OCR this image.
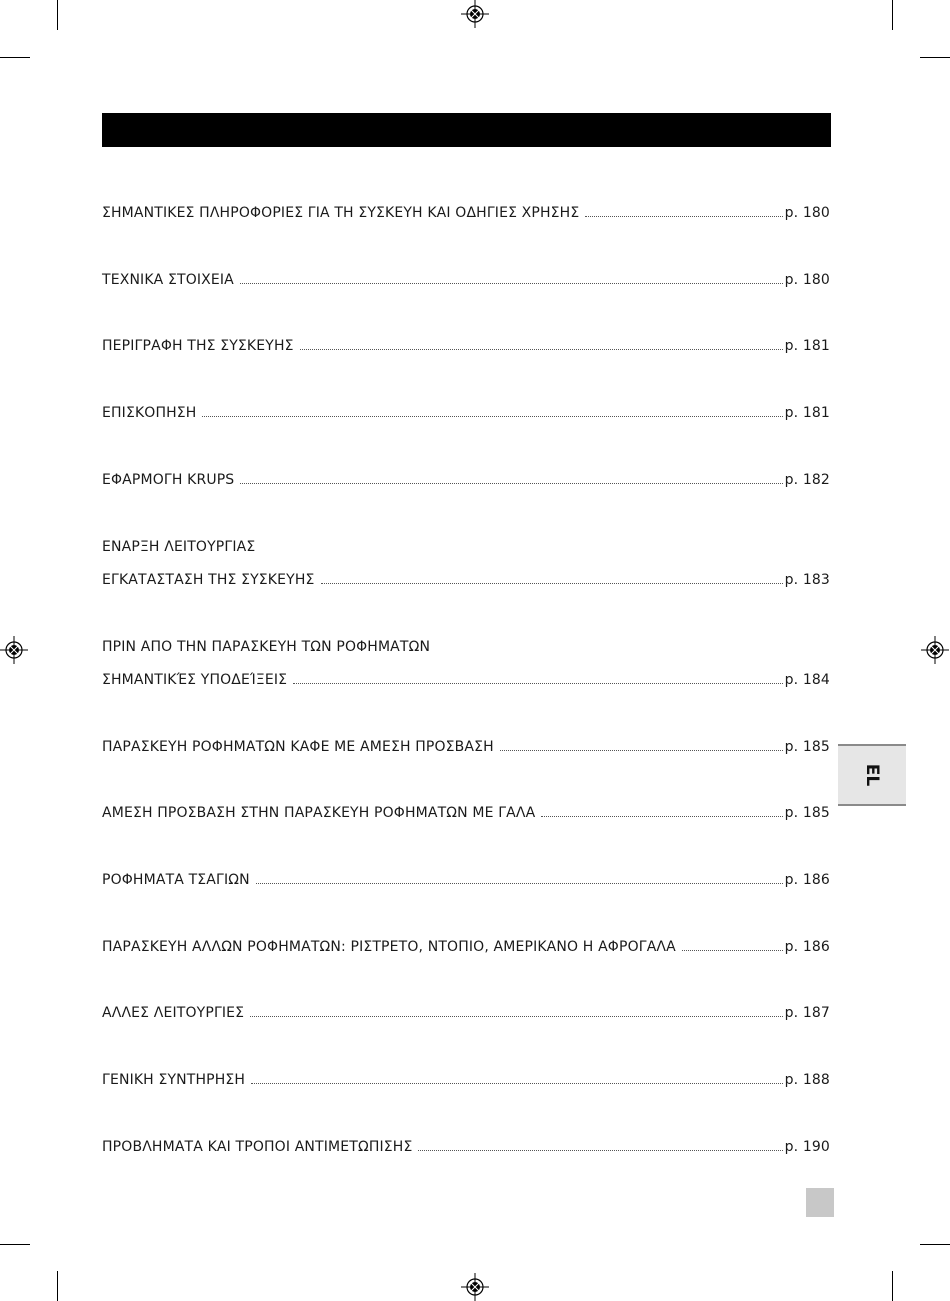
ΣΗΜΑΝΤΙΚΕΣ ΠΛΗΡΟΦΟΡΙΕΣ ΓΙΑ ΤΗ ΣΥΣΚΕΥΗ ΚΑΙ ΟΔΗΓΙΕΣ ΧΡΗΣΗΣ	p. 180
ΤΕΧΝΙΚΑ ΣΤΟΙΧΕΙΑ	p. 180
ΠΕΡΙΓΡΑΦΗ ΤΗΣ ΣΥΣΚΕΥΗΣ	p. 181
ΕΠΙΣΚΟΠΗΣΗ	p. 181
ΕΦΑΡΜΟΓΗ KRUPS	p. 182
ΕΝΑΡΞΗ ΛΕΙΤΟΥΡΓΙΑΣ
ΕΓΚΑΤΑΣΤΑΣΗ ΤΗΣ ΣΥΣΚΕΥΗΣ	p. 183
ΠΡΙΝ ΑΠΟ ΤΗΝ ΠΑΡΑΣΚΕΥΗ ΤΩΝ ΡΟΦΗΜΑΤΩΝ
ΣΗΜΑΝΤΙΚΈΣ ΥΠΟΔΕΊΞΕΙΣ	p. 184
ΠΑΡΑΣΚΕΥΗ ΡΟΦΗΜΑΤΩΝ ΚΑΦΕ ΜΕ ΑΜΕΣΗ ΠΡΟΣΒΑΣΗ	p. 185
ΑΜΕΣΗ ΠΡΟΣΒΑΣΗ ΣΤΗΝ ΠΑΡΑΣΚΕΥΗ ΡΟΦΗΜΑΤΩΝ ΜΕ ΓΑΛΑ	p. 185
ΡΟΦΗΜΑΤΑ ΤΣΑΓΙΩΝ	p. 186
ΠΑΡΑΣΚΕΥΗ ΑΛΛΩΝ ΡΟΦΗΜΑΤΩΝ: ΡΙΣΤΡΕΤΟ, ΝΤΟΠΙΟ, ΑΜΕΡΙΚΑΝΟ Η ΑΦΡΟΓΑΛΑ	p. 186
ΑΛΛΕΣ ΛΕΙΤΟΥΡΓΙΕΣ	p. 187
ΓΕΝΙΚΗ ΣΥΝΤΗΡΗΣΗ	p. 188
ΠΡΟΒΛΗΜΑΤΑ ΚΑΙ ΤΡΟΠΟΙ ΑΝΤΙΜΕΤΩΠΙΣΗΣ	p. 190
EL
